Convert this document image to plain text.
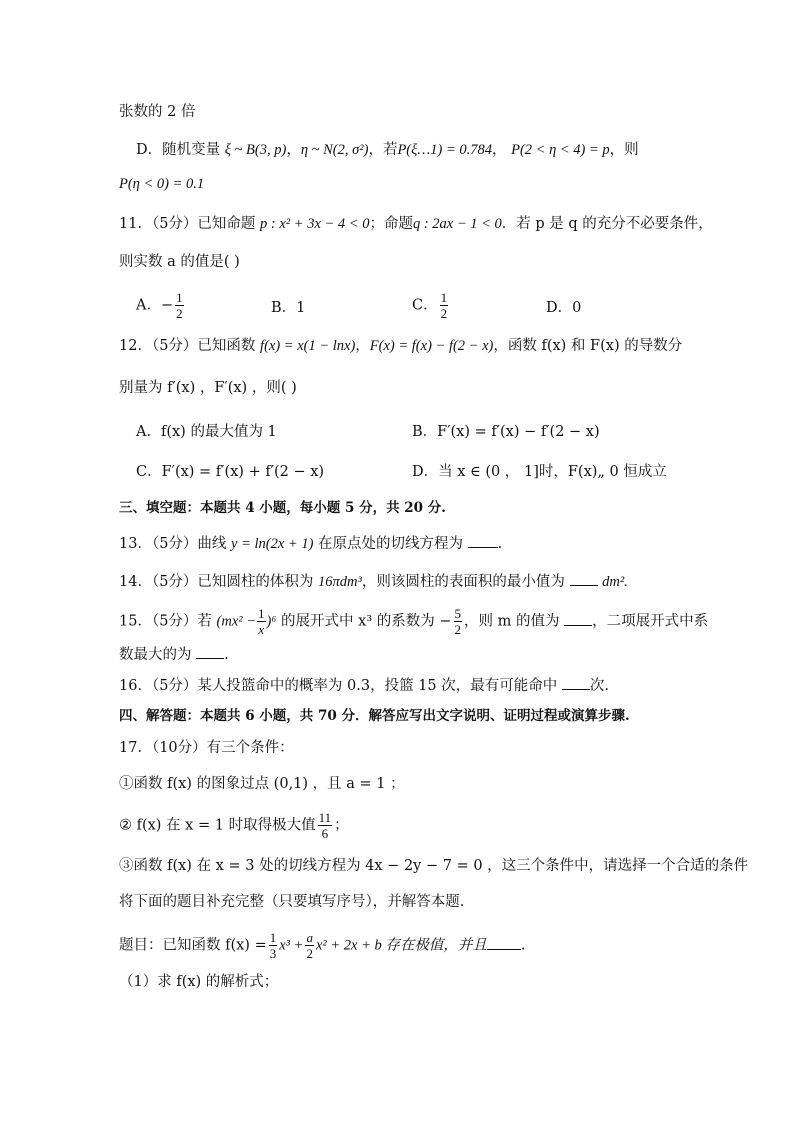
张数的 2 倍
D．随机变量 ξ ~ B(3, p)，η ~ N(2, σ²)，若P(ξ…1) = 0.784， P(2 < η < 4) = p，则
P(η < 0) = 0.1
11．（5分）已知命题 p : x² + 3x − 4 < 0；命题q : 2ax − 1 < 0．若 p 是 q 的充分不必要条件，
则实数 a 的值是( )
A．− $\frac{1}{2}$	B．1	C． $\frac{1}{2}$	D．0
12．（5分）已知函数 f(x) = x(1 − lnx)，F(x) = f(x) − f(2 − x)，函数 f(x) 和 F(x) 的导数分
别量为 f′(x) ，F′(x) ，则( )
A．f(x) 的最大值为 1	B．F′(x) = f′(x) − f′(2 − x)
C．F′(x) = f′(x) + f′(2 − x)	D．当 x ∈ (0 ， 1]时，F(x)„ 0 恒成立
三、填空题：本题共 4 小题，每小题 5 分，共 20 分.
13．（5分）曲线 y = ln(2x + 1) 在原点处的切线方程为 .
14．（5分）已知圆柱的体积为 16πdm³，则该圆柱的表面积的最小值为	dm².
15．（5分）若 $(mx^2 - \frac{1}{x} )^6$ 的展开式中 x³ 的系数为 − $\frac{5}{2}$ ，则 m 的值为 ，二项展开式中系
数最大的为 .
16．（5分）某人投篮命中的概率为 0.3，投篮 15 次，最有可能命中 次.
四、解答题：本题共 6 小题，共 70 分．解答应写出文字说明、证明过程或演算步骤.
17．（10分）有三个条件：
①函数 f(x) 的图象过点 (0,1) ，且 a = 1 ；
② f(x) 在 x = 1 时取得极大值 $\frac{11}{6}$ ；
③函数 f(x) 在 x = 3 处的切线方程为 4x − 2y − 7 = 0 ，这三个条件中，请选择一个合适的条件
将下面的题目补充完整（只要填写序号），并解答本题.
题目：已知函数 $f(x) = \frac{1}{3} x^3 + \frac{a}{2} x^2 + 2x + b$ 存在极值，并且 .
（1）求 f(x) 的解析式；
